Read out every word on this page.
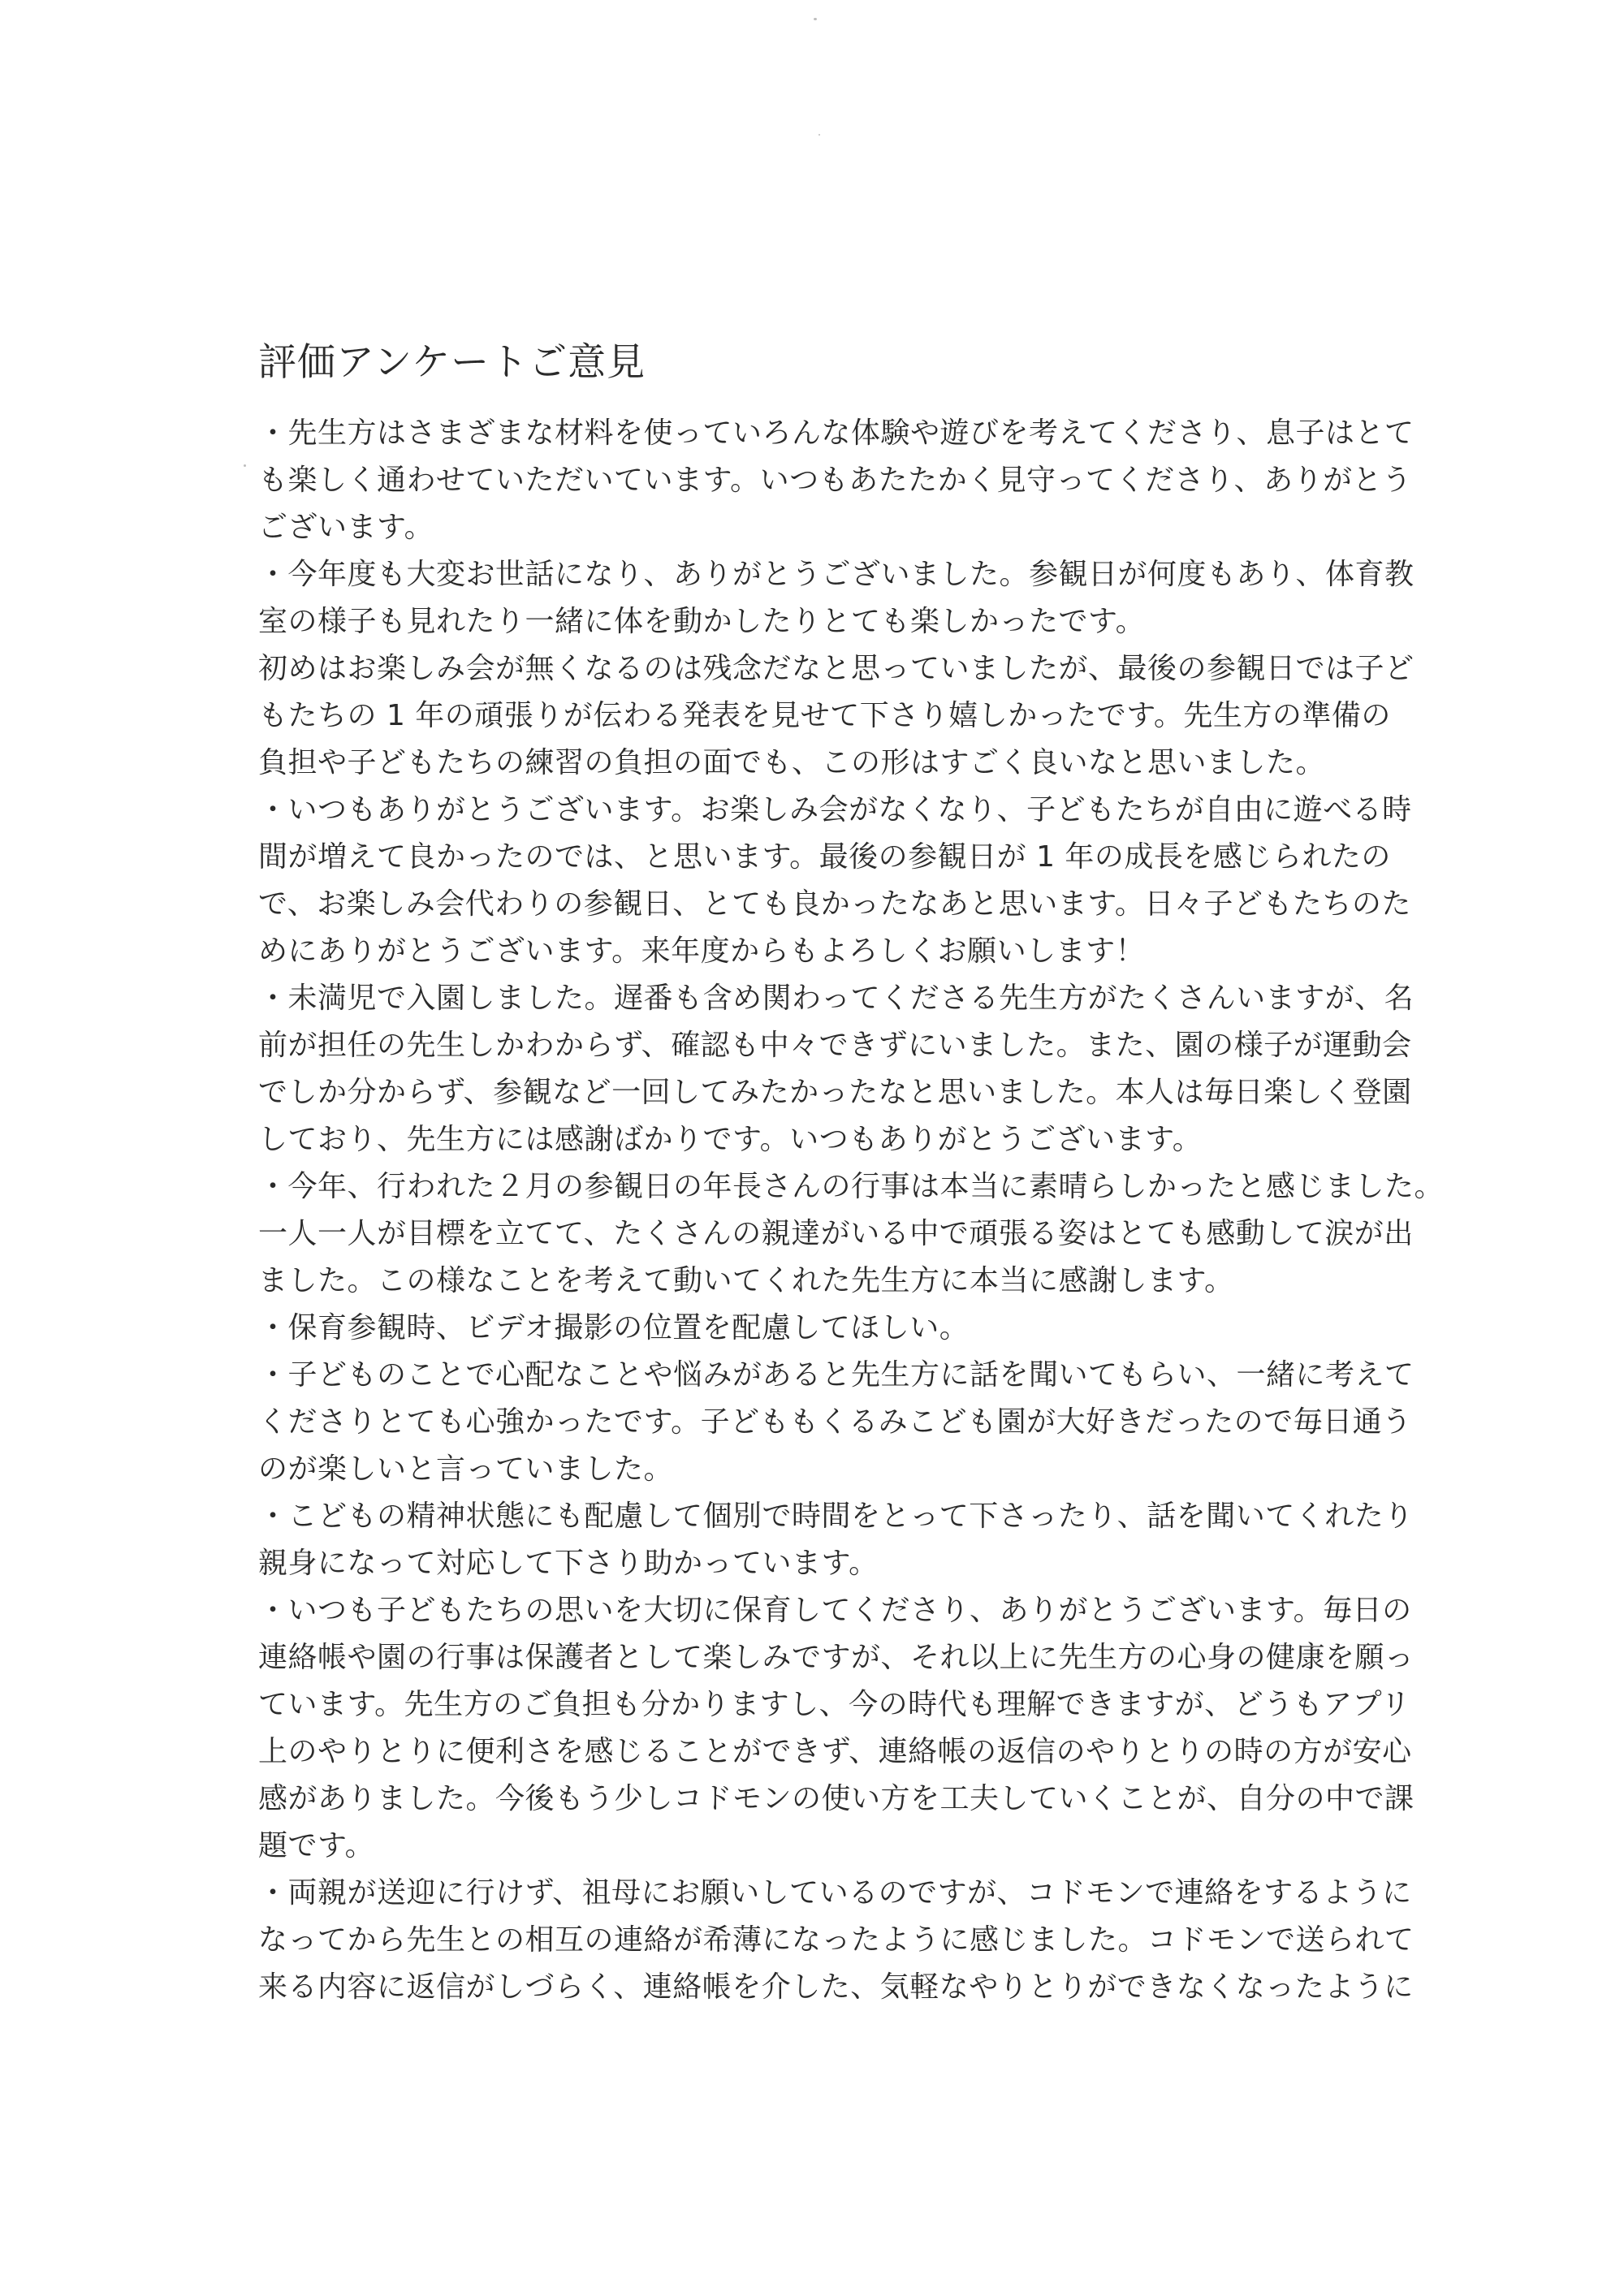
評価アンケートご意見
・先生方はさまざまな材料を使っていろんな体験や遊びを考えてくださり、息子はとて
も楽しく通わせていただいています。いつもあたたかく見守ってくださり、ありがとう
ございます。
・今年度も大変お世話になり、ありがとうございました。参観日が何度もあり、体育教
室の様子も見れたり一緒に体を動かしたりとても楽しかったです。
初めはお楽しみ会が無くなるのは残念だなと思っていましたが、最後の参観日では子ど
もたちの 1 年の頑張りが伝わる発表を見せて下さり嬉しかったです。先生方の準備の
負担や子どもたちの練習の負担の面でも、この形はすごく良いなと思いました。
・いつもありがとうございます。お楽しみ会がなくなり、子どもたちが自由に遊べる時
間が増えて良かったのでは、と思います。最後の参観日が 1 年の成長を感じられたの
で、お楽しみ会代わりの参観日、とても良かったなあと思います。日々子どもたちのた
めにありがとうございます。来年度からもよろしくお願いします！
・未満児で入園しました。遅番も含め関わってくださる先生方がたくさんいますが、名
前が担任の先生しかわからず、確認も中々できずにいました。また、園の様子が運動会
でしか分からず、参観など一回してみたかったなと思いました。本人は毎日楽しく登園
しており、先生方には感謝ばかりです。いつもありがとうございます。
・今年、行われた２月の参観日の年長さんの行事は本当に素晴らしかったと感じました。
一人一人が目標を立てて、たくさんの親達がいる中で頑張る姿はとても感動して涙が出
ました。この様なことを考えて動いてくれた先生方に本当に感謝します。
・保育参観時、ビデオ撮影の位置を配慮してほしい。
・子どものことで心配なことや悩みがあると先生方に話を聞いてもらい、一緒に考えて
くださりとても心強かったです。子どももくるみこども園が大好きだったので毎日通う
のが楽しいと言っていました。
・こどもの精神状態にも配慮して個別で時間をとって下さったり、話を聞いてくれたり
親身になって対応して下さり助かっています。
・いつも子どもたちの思いを大切に保育してくださり、ありがとうございます。毎日の
連絡帳や園の行事は保護者として楽しみですが、それ以上に先生方の心身の健康を願っ
ています。先生方のご負担も分かりますし、今の時代も理解できますが、どうもアプリ
上のやりとりに便利さを感じることができず、連絡帳の返信のやりとりの時の方が安心
感がありました。今後もう少しコドモンの使い方を工夫していくことが、自分の中で課
題です。
・両親が送迎に行けず、祖母にお願いしているのですが、コドモンで連絡をするように
なってから先生との相互の連絡が希薄になったように感じました。コドモンで送られて
来る内容に返信がしづらく、連絡帳を介した、気軽なやりとりができなくなったように
